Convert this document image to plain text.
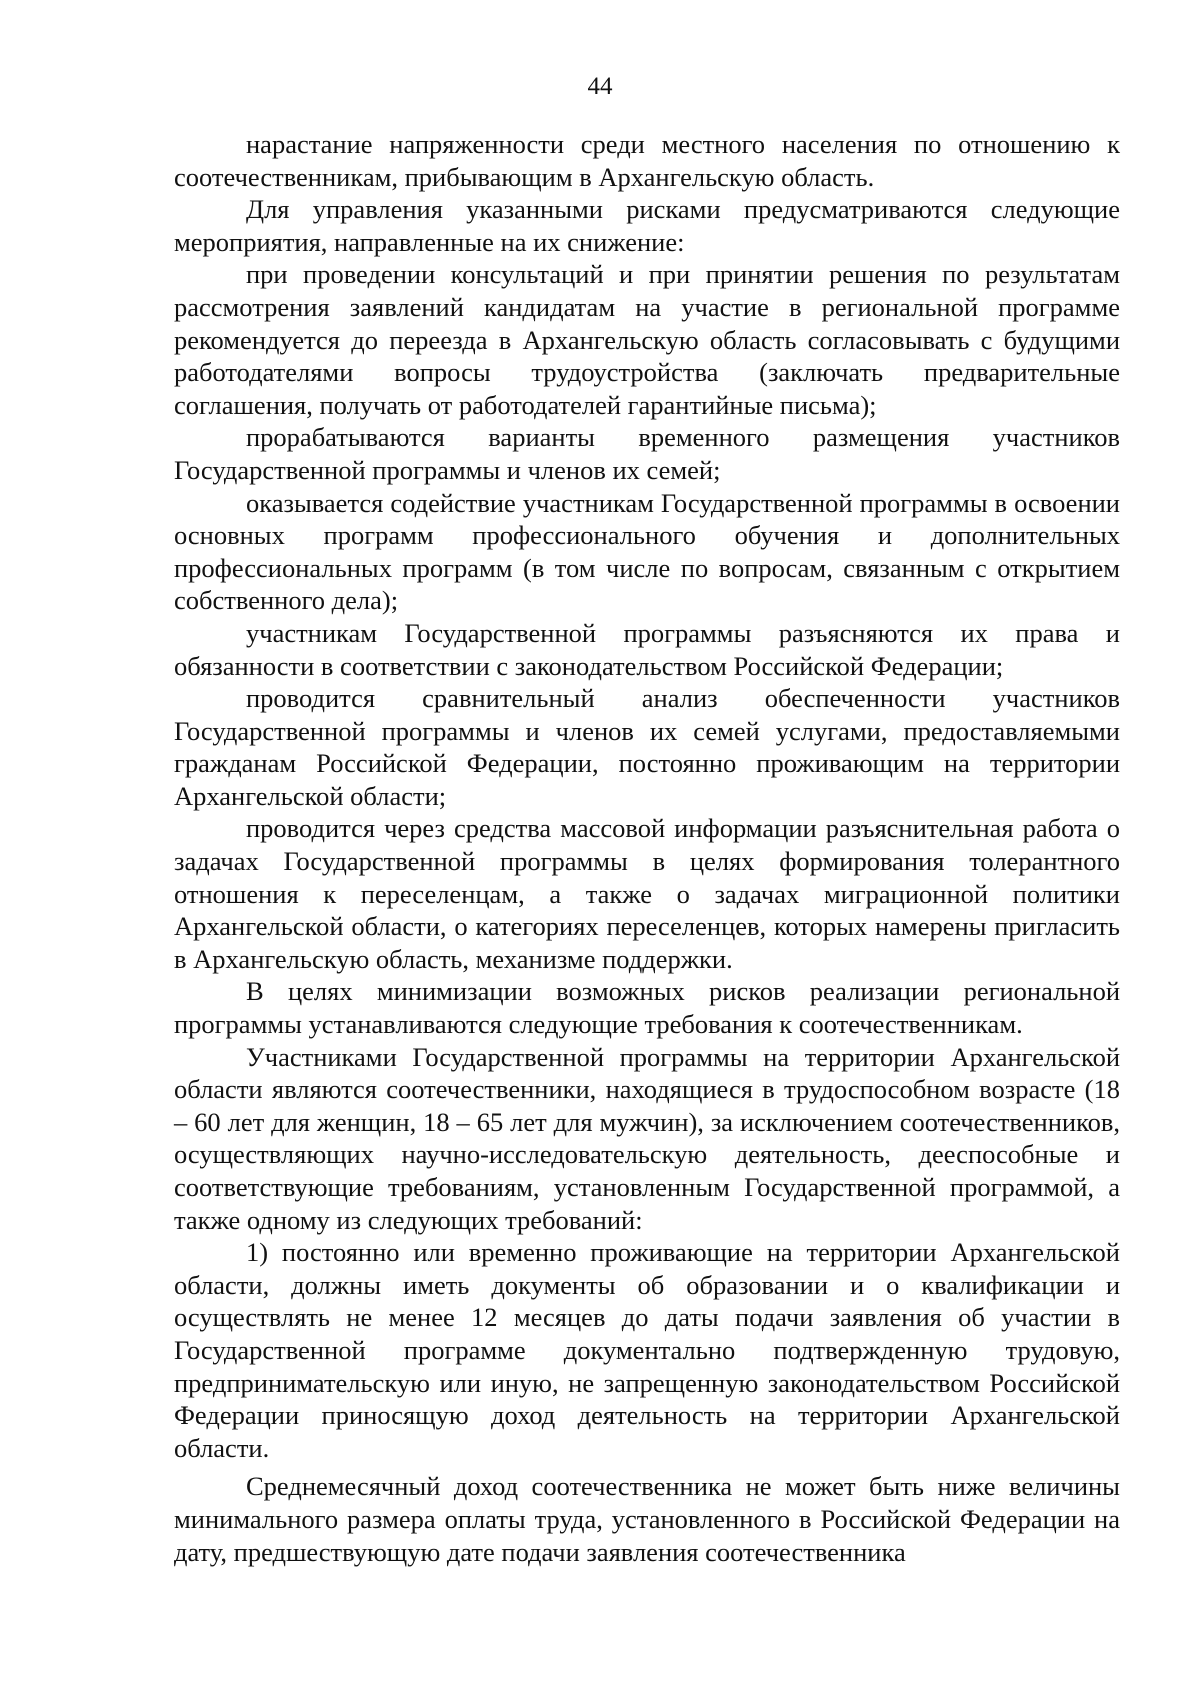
44

нарастание напряженности среди местного населения по отношению к соотечественникам, прибывающим в Архангельскую область.

Для управления указанными рисками предусматриваются следующие мероприятия, направленные на их снижение:

при проведении консультаций и при принятии решения по результатам рассмотрения заявлений кандидатам на участие в региональной программе рекомендуется до переезда в Архангельскую область согласовывать с будущими работодателями вопросы трудоустройства (заключать предварительные соглашения, получать от работодателей гарантийные письма);

прорабатываются варианты временного размещения участников Государственной программы и членов их семей;

оказывается содействие участникам Государственной программы в освоении основных программ профессионального обучения и дополнительных профессиональных программ (в том числе по вопросам, связанным с открытием собственного дела);

участникам Государственной программы разъясняются их права и обязанности в соответствии с законодательством Российской Федерации;

проводится сравнительный анализ обеспеченности участников Государственной программы и членов их семей услугами, предоставляемыми гражданам Российской Федерации, постоянно проживающим на территории Архангельской области;

проводится через средства массовой информации разъяснительная работа о задачах Государственной программы в целях формирования толерантного отношения к переселенцам, а также о задачах миграционной политики Архангельской области, о категориях переселенцев, которых намерены пригласить в Архангельскую область, механизме поддержки.

В целях минимизации возможных рисков реализации региональной программы устанавливаются следующие требования к соотечественникам.

Участниками Государственной программы на территории Архангельской области являются соотечественники, находящиеся в трудоспособном возрасте (18 – 60 лет для женщин, 18 – 65 лет для мужчин), за исключением соотечественников, осуществляющих научно-исследовательскую деятельность, дееспособные и соответствующие требованиям, установленным Государственной программой, а также одному из следующих требований:

1) постоянно или временно проживающие на территории Архангельской области, должны иметь документы об образовании и о квалификации и осуществлять не менее 12 месяцев до даты подачи заявления об участии в Государственной программе документально подтвержденную трудовую, предпринимательскую или иную, не запрещенную законодательством Российской Федерации приносящую доход деятельность на территории Архангельской области.

Среднемесячный доход соотечественника не может быть ниже величины минимального размера оплаты труда, установленного в Российской Федерации на дату, предшествующую дате подачи заявления соотечественника
